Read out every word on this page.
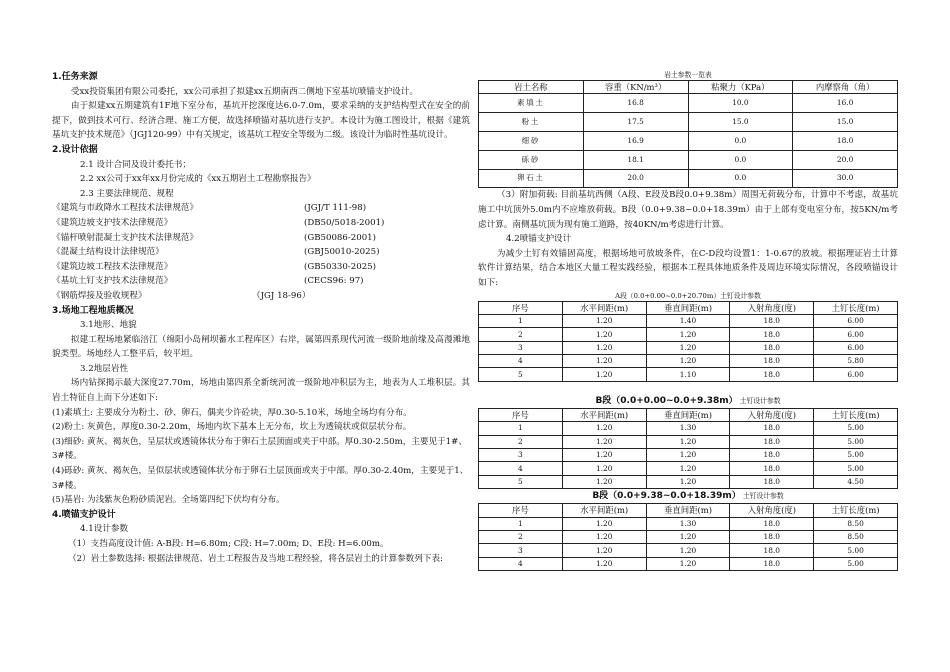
1.任务来源
受xx投资集团有限公司委托，xx公司承担了拟建xx五期南西二侧地下室基坑喷锚支护设计。
由于拟建xx五期建筑有1F地下室分布，基坑开挖深度达6.0-7.0m，要求采纳的支护结构型式在安全的前提下，做到技术可行、经济合理、施工方便，故选择喷锚对基坑进行支护。本设计为施工图设计，根据《建筑基坑支护技术规范》（JGJ120-99）中有关规定，该基坑工程安全等级为二级。该设计为临时性基坑设计。
2.设计依据
2.1 设计合同及设计委托书；
2.2 xx公司于xx年xx月份完成的《xx五期岩土工程勘察报告》
2.3 主要法律规范、规程
《建筑与市政降水工程技术法律规范》	(JGJ/T 111-98)
《建筑边坡支护技术法律规范》	(DB50/5018-2001)
《锚杆喷射混凝土支护技术法律规范》	(GB50086-2001)
《混凝土结构设计法律规范》	(GBJ50010-2025)
《建筑边坡工程技术法律规范》	(GB50330-2025)
《基坑土钉支护技术法律规范》	(CECS96: 97)
《钢筋焊接及验收规程》	（JGJ 18-96）
3.场地工程地质概况
3.1地形、地貌
拟建工程场地紧临涪江（绵阳小岛闸坝蓄水工程库区）右岸，属第四系现代河流一级阶地前缘及高漫滩地貌类型。场地经人工整平后，较平坦。
3.2地层岩性
场内钻探揭示最大深度27.70m，场地由第四系全新统河流一级阶地冲积层为主，地表为人工堆积层。其岩土特征自上而下分述如下:
(1)素填土: 主要成分为粉土、砂、卵石，偶夹少许砼块，厚0.30-5.10米，场地全场均有分布。
(2)粉土: 灰黄色，厚度0.30-2.20m，场地内坎下基本上无分布，坎上为透镜状或似层状分布。
(3)细砂: 黄灰、褐灰色，呈层状或透镜体状分布于卵石土层顶面或夹于中部。厚0.30-2.50m，主要见于1#、3#楼。
(4)砾砂: 黄灰、褐灰色，呈似层状或透镜体状分布于卵石土层顶面或夹于中部。厚0.30-2.40m，主要见于1、3#楼。
(5)基岩: 为浅紫灰色粉砂质泥岩。全场第四纪下伏均有分布。
4.喷锚支护设计
4.1设计参数
（1）支挡高度设计值: A-B段: H=6.80m; C段: H=7.00m; D、E段: H=6.00m。
（2）岩土参数选择: 根据法律规范、岩土工程报告及当地工程经验，将各层岩土的计算参数列下表:
岩土参数一览表
岩土名称	容重（KN/m³）	粘聚力（KPa）	内摩察角（角）
素填土	16.8	10.0	16.0
粉土	17.5	15.0	15.0
细砂	16.9	0.0	18.0
砾砂	18.1	0.0	20.0
卵石土	20.0	0.0	30.0
（3）附加荷载: 目前基坑西侧（A段、E段及B段0.0+9.38m）周围无荷载分布，计算中不考虑，故基坑施工中坑顶外5.0m内不应堆放荷载。B段（0.0+9.38~0.0+18.39m）由于上部有变电室分布，按5KN/m考虑计算。南侧基坑顶为现有施工道路，按40KN/m考虑进行计算。
4.2喷锚支护设计
为减少土钉有效锚固高度，根据场地可放坡条件，在C-D段均设置1：1-0.67的放坡。根据理证岩土计算软件计算结果，结合本地区大量工程实践经验，根据本工程具体地质条件及周边环境实际情况，各段喷锚设计如下:
A段（0.0+0.00~0.0+20.70m）土钉设计参数
序号	水平间距(m)	垂直间距(m)	入射角度(度)	土钉长度(m)
1	1.20	1.40	18.0	6.00
2	1.20	1.20	18.0	6.00
3	1.20	1.20	18.0	6.00
4	1.20	1.20	18.0	5.80
5	1.20	1.10	18.0	6.00
B段（0.0+0.00~0.0+9.38m） 土钉设计参数
序号	水平间距(m)	垂直间距(m)	入射角度(度)	土钉长度(m)
1	1.20	1.30	18.0	5.00
2	1.20	1.20	18.0	5.00
3	1.20	1.20	18.0	5.00
4	1.20	1.20	18.0	5.00
5	1.20	1.20	18.0	4.50
B段（0.0+9.38~0.0+18.39m） 土钉设计参数
序号	水平间距(m)	垂直间距(m)	入射角度(度)	土钉长度(m)
1	1.20	1.30	18.0	8.50
2	1.20	1.20	18.0	8.50
3	1.20	1.20	18.0	5.00
4	1.20	1.20	18.0	5.00
